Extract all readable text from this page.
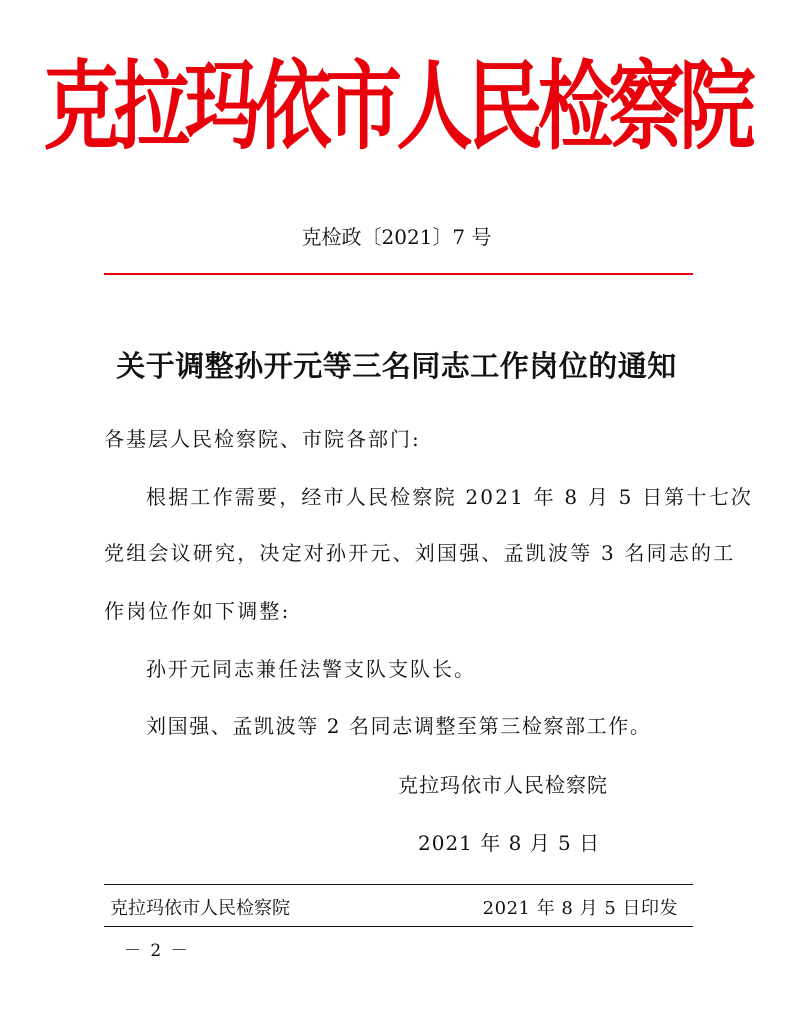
克拉玛依市人民检察院
克检政〔2021〕7 号
关于调整孙开元等三名同志工作岗位的通知
各基层人民检察院、市院各部门:
根据工作需要，经市人民检察院 2021 年 8 月 5 日第十七次
党组会议研究，决定对孙开元、刘国强、孟凯波等 3 名同志的工
作岗位作如下调整:
孙开元同志兼任法警支队支队长。
刘国强、孟凯波等 2 名同志调整至第三检察部工作。
克拉玛依市人民检察院
2021 年 8 月 5 日
克拉玛依市人民检察院	2021 年 8 月 5 日印发
－ 2 －
